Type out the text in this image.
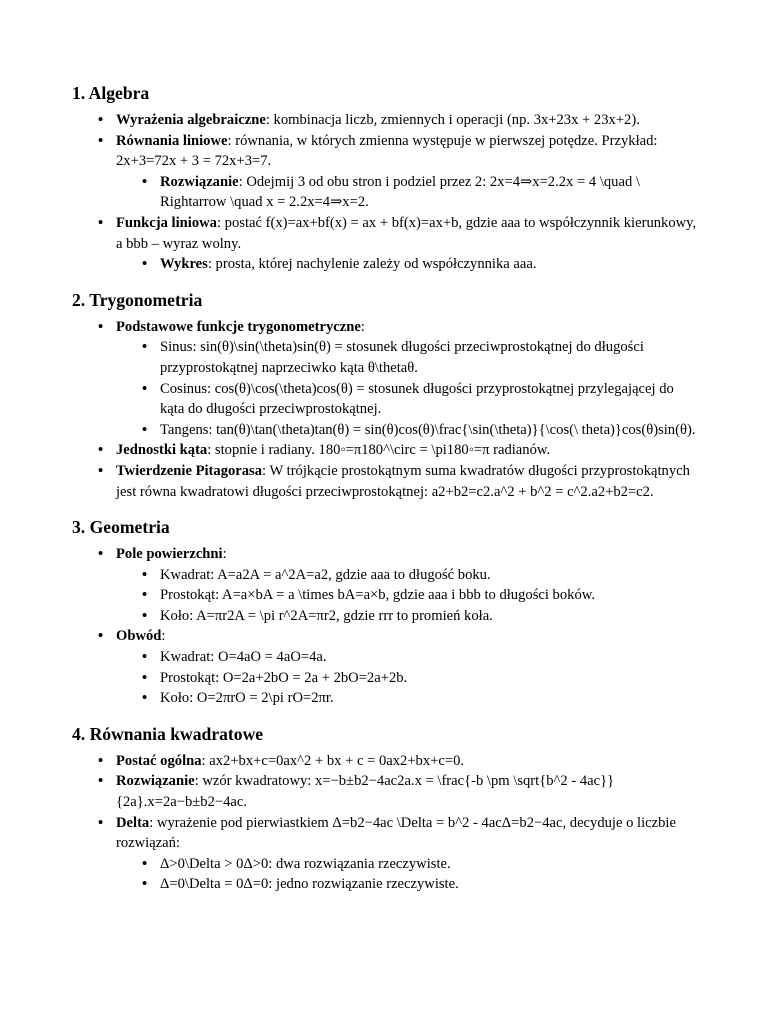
1. Algebra
• Wyrażenia algebraiczne: kombinacja liczb, zmiennych i operacji (np. 3x+23x + 23x+2).
• Równania liniowe: równania, w których zmienna występuje w pierwszej potędze. Przykład: 2x+3=72x + 3 = 72x+3=7.
• Rozwiązanie: Odejmij 3 od obu stron i podziel przez 2: 2x=4⇒x=2.2x = 4 \quad \ Rightarrow \quad x = 2.2x=4⇒x=2.
• Funkcja liniowa: postać f(x)=ax+bf(x) = ax + bf(x)=ax+b, gdzie aaa to współczynnik kierunkowy, a bbb – wyraz wolny.
• Wykres: prosta, której nachylenie zależy od współczynnika aaa.
2. Trygonometria
• Podstawowe funkcje trygonometryczne:
• Sinus: sin(θ)\sin(\theta)sin(θ) = stosunek długości przeciwprostokątnej do długości przyprostokątnej naprzeciwko kąta θ\thetaθ.
• Cosinus: cos(θ)\cos(\theta)cos(θ) = stosunek długości przyprostokątnej przylegającej do kąta do długości przeciwprostokątnej.
• Tangens: tan(θ)\tan(\theta)tan(θ) = sin(θ)cos(θ)\frac{\sin(\theta)}{\cos(\ theta)}cos(θ)sin(θ).
• Jednostki kąta: stopnie i radiany. 180◦=π180^\circ = \pi180◦=π radianów.
• Twierdzenie Pitagorasa: W trójkącie prostokątnym suma kwadratów długości przyprostokątnych jest równa kwadratowi długości przeciwprostokątnej: a2+b2=c2.a^2 + b^2 = c^2.a2+b2=c2.
3. Geometria
• Pole powierzchni:
• Kwadrat: A=a2A = a^2A=a2, gdzie aaa to długość boku.
• Prostokąt: A=a×bA = a \times bA=a×b, gdzie aaa i bbb to długości boków.
• Koło: A=πr2A = \pi r^2A=πr2, gdzie rrr to promień koła.
• Obwód:
• Kwadrat: O=4aO = 4aO=4a.
• Prostokąt: O=2a+2bO = 2a + 2bO=2a+2b.
• Koło: O=2πrO = 2\pi rO=2πr.
4. Równania kwadratowe
• Postać ogólna: ax2+bx+c=0ax^2 + bx + c = 0ax2+bx+c=0.
• Rozwiązanie: wzór kwadratowy: x=−b±b2−4ac2a.x = \frac{-b \pm \sqrt{b^2 - 4ac}}{2a}.x=2a−b±b2−4ac.
• Delta: wyrażenie pod pierwiastkiem Δ=b2−4ac \Delta = b^2 - 4acΔ=b2−4ac, decyduje o liczbie rozwiązań:
• Δ>0\Delta > 0Δ>0: dwa rozwiązania rzeczywiste.
• Δ=0\Delta = 0Δ=0: jedno rozwiązanie rzeczywiste.
